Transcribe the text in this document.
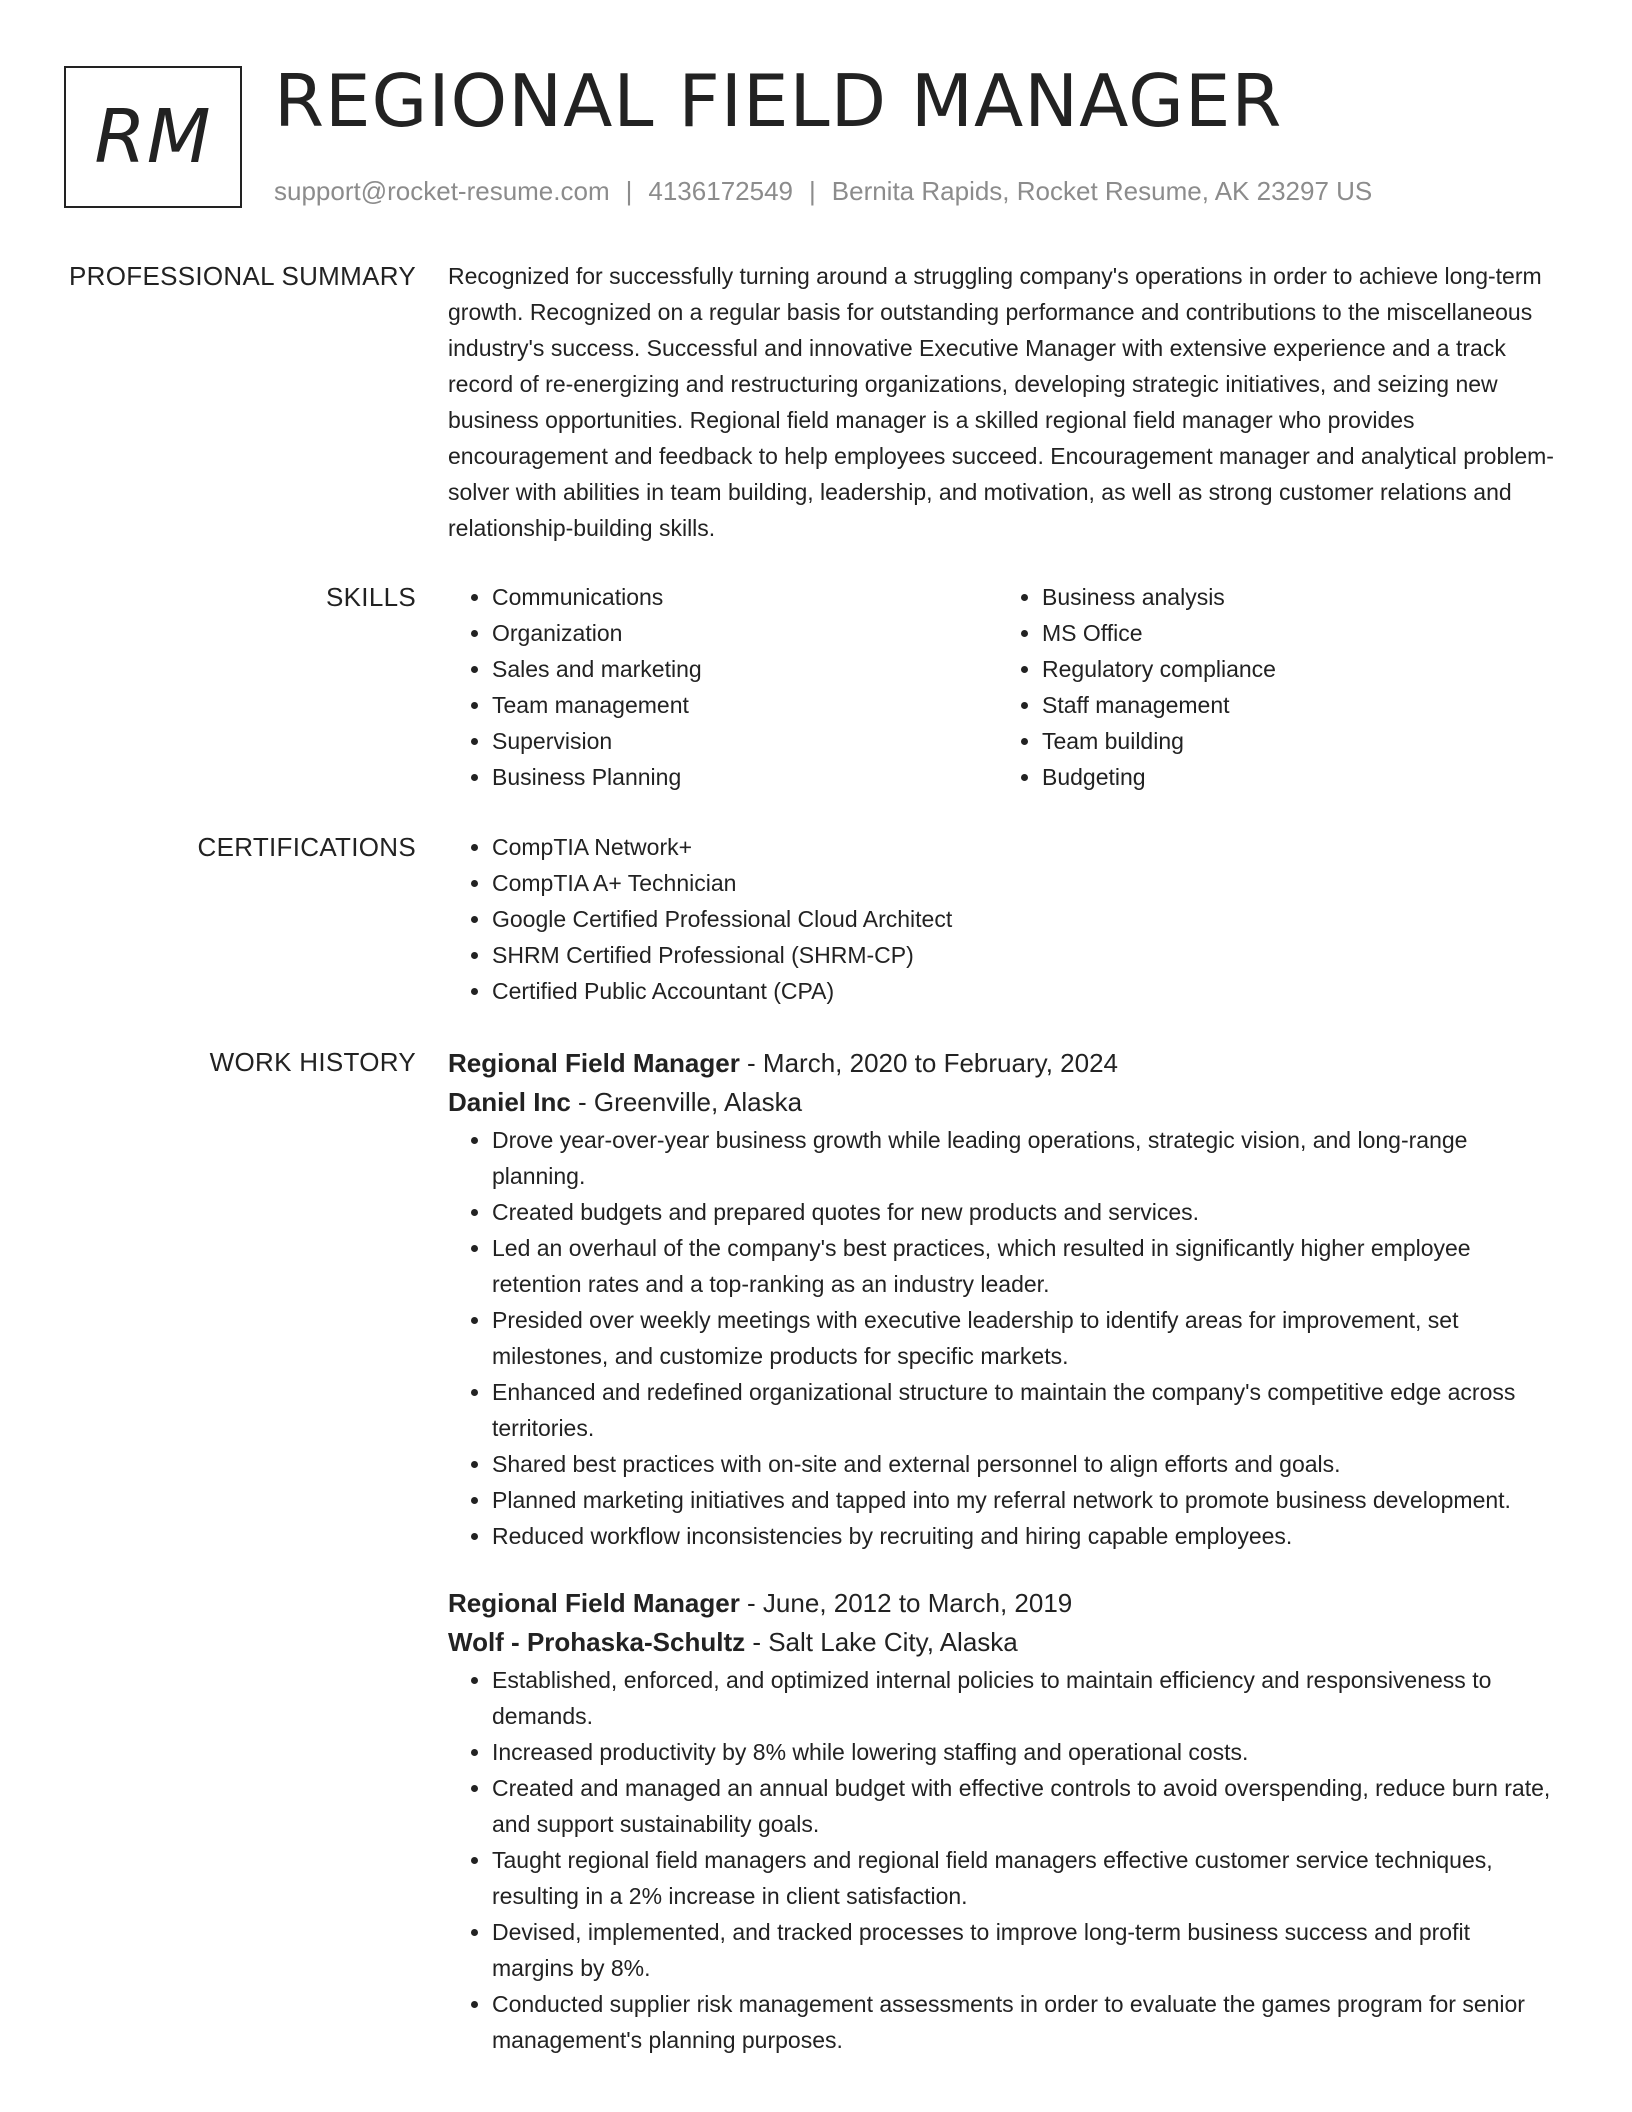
RM REGIONAL FIELD MANAGER
support@rocket-resume.com | 4136172549 | Bernita Rapids, Rocket Resume, AK 23297 US
PROFESSIONAL SUMMARY Recognized for successfully turning around a struggling company's operations in order to achieve long-term growth. Recognized on a regular basis for outstanding performance and contributions to the miscellaneous industry's success. Successful and innovative Executive Manager with extensive experience and a track record of re-energizing and restructuring organizations, developing strategic initiatives, and seizing new business opportunities. Regional field manager is a skilled regional field manager who provides encouragement and feedback to help employees succeed. Encouragement manager and analytical problem-solver with abilities in team building, leadership, and motivation, as well as strong customer relations and relationship-building skills.

SKILLS	• Communications
• Organization
• Sales and marketing
• Team management
• Supervision
• Business Planning
• Business analysis
• MS Office
• Regulatory compliance
• Staff management
• Team building
• Budgeting
CERTIFICATIONS	• CompTIA Network+
• CompTIA A+ Technician
• Google Certified Professional Cloud Architect
• SHRM Certified Professional (SHRM-CP)
• Certified Public Accountant (CPA)
WORK HISTORY Regional Field Manager - March, 2020 to February, 2024
Daniel Inc - Greenville, Alaska
• Drove year-over-year business growth while leading operations, strategic vision, and long-range planning.
• Created budgets and prepared quotes for new products and services.
• Led an overhaul of the company's best practices, which resulted in significantly higher employee retention rates and a top-ranking as an industry leader.
• Presided over weekly meetings with executive leadership to identify areas for improvement, set milestones, and customize products for specific markets.
• Enhanced and redefined organizational structure to maintain the company's competitive edge across territories.
• Shared best practices with on-site and external personnel to align efforts and goals.
• Planned marketing initiatives and tapped into my referral network to promote business development.
• Reduced workflow inconsistencies by recruiting and hiring capable employees.
Regional Field Manager - June, 2012 to March, 2019
Wolf - Prohaska-Schultz - Salt Lake City, Alaska
• Established, enforced, and optimized internal policies to maintain efficiency and responsiveness to demands.
• Increased productivity by 8% while lowering staffing and operational costs.
• Created and managed an annual budget with effective controls to avoid overspending, reduce burn rate, and support sustainability goals.
• Taught regional field managers and regional field managers effective customer service techniques, resulting in a 2% increase in client satisfaction.
• Devised, implemented, and tracked processes to improve long-term business success and profit margins by 8%.
• Conducted supplier risk management assessments in order to evaluate the games program for senior management's planning purposes.
